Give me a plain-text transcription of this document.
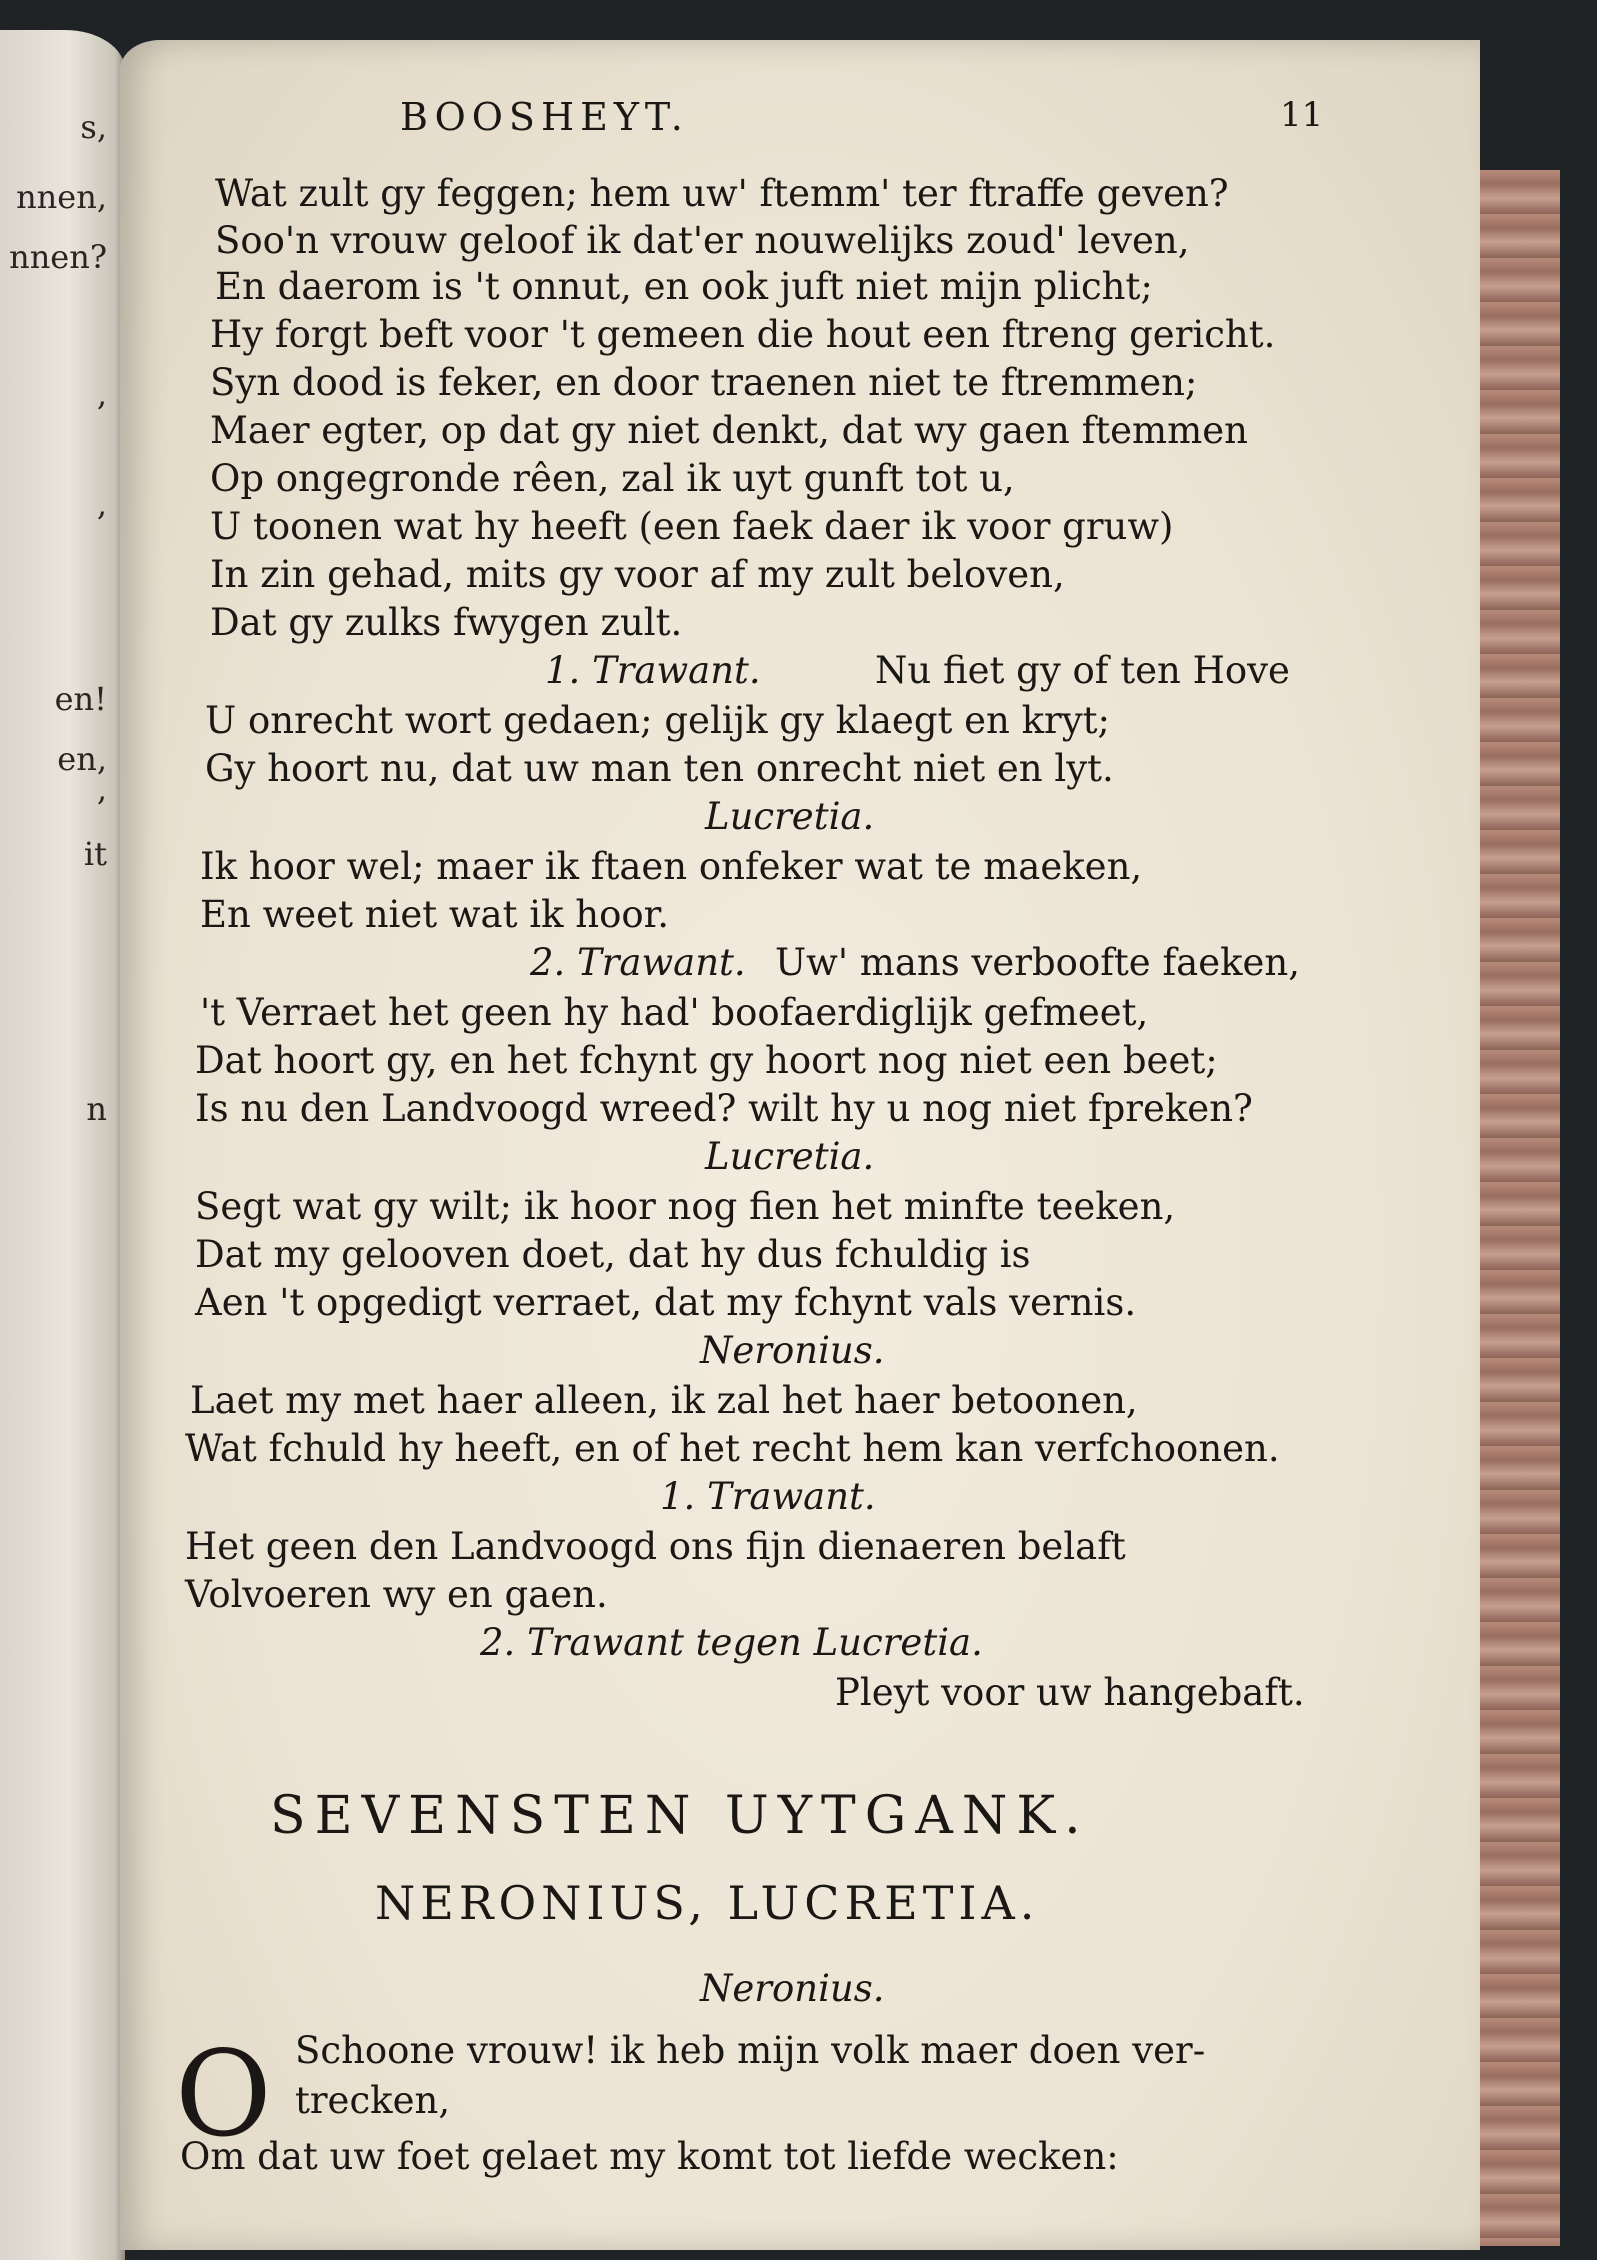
s,
nnen,
nnen?
,
,
en!
en,
,
it
n
BOOSHEYT.	11
SEVENSTEN UYTGANK.
NERONIUS, LUCRETIA.
O
Wat zult gy feggen; hem uw' ftemm' ter ftraffe geven?
Soo'n vrouw geloof ik dat'er nouwelijks zoud' leven,
En daerom is 't onnut, en ook juft niet mijn plicht;
Hy forgt beft voor 't gemeen die hout een ftreng gericht.
Syn dood is feker, en door traenen niet te ftremmen;
Maer egter, op dat gy niet denkt, dat wy gaen ftemmen
Op ongegronde rêen, zal ik uyt gunft tot u,
U toonen wat hy heeft (een faek daer ik voor gruw)
In zin gehad, mits gy voor af my zult beloven,
Dat gy zulks fwygen zult.
1. Trawant.	Nu fiet gy of ten Hove
U onrecht wort gedaen; gelijk gy klaegt en kryt;
Gy hoort nu, dat uw man ten onrecht niet en lyt.
Lucretia.
Ik hoor wel; maer ik ftaen onfeker wat te maeken,
En weet niet wat ik hoor.
2. Trawant. Uw' mans verboofte faeken,
't Verraet het geen hy had' boofaerdiglijk gefmeet,
Dat hoort gy, en het fchynt gy hoort nog niet een beet;
Is nu den Landvoogd wreed? wilt hy u nog niet fpreken?
Lucretia.
Segt wat gy wilt; ik hoor nog fien het minfte teeken,
Dat my gelooven doet, dat hy dus fchuldig is
Aen 't opgedigt verraet, dat my fchynt vals vernis.
Neronius.
Laet my met haer alleen, ik zal het haer betoonen,
Wat fchuld hy heeft, en of het recht hem kan verfchoonen.
1. Trawant.
Het geen den Landvoogd ons fijn dienaeren belaft
Volvoeren wy en gaen.
2. Trawant tegen Lucretia.
Pleyt voor uw hangebaft.
Neronius.
Schoone vrouw! ik heb mijn volk maer doen ver-
trecken,
Om dat uw foet gelaet my komt tot liefde wecken:
